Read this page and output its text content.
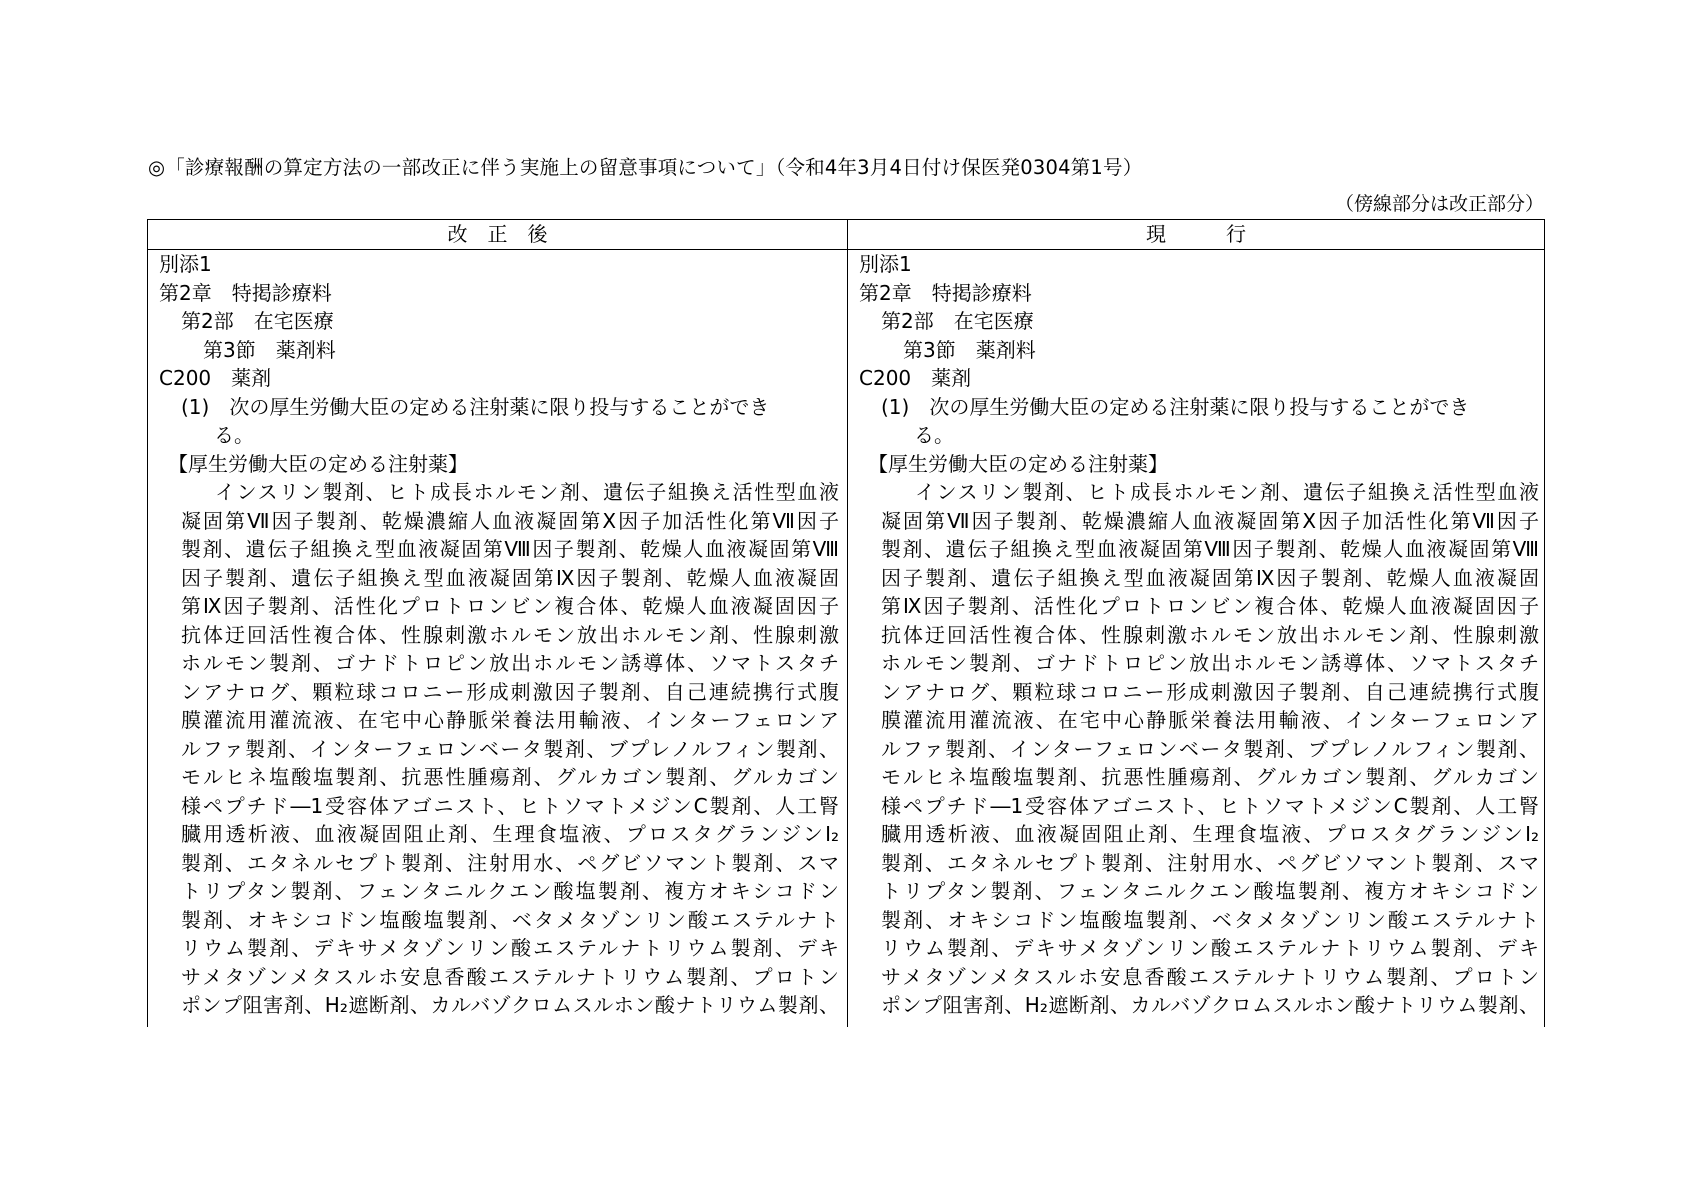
◎「診療報酬の算定方法の一部改正に伴う実施上の留意事項について」（令和4年3月4日付け保医発0304第1号）
（傍線部分は改正部分）
改　正　後	現　　　行
別添1
第2章　特掲診療料
第2部　在宅医療
第3節　薬剤料
C200　薬剤
(1)　次の厚生労働大臣の定める注射薬に限り投与することができ
る。
【厚生労働大臣の定める注射薬】
インスリン製剤、ヒト成長ホルモン剤、遺伝子組換え活性型血液
凝固第Ⅶ因子製剤、乾燥濃縮人血液凝固第Ⅹ因子加活性化第Ⅶ因子
製剤、遺伝子組換え型血液凝固第Ⅷ因子製剤、乾燥人血液凝固第Ⅷ
因子製剤、遺伝子組換え型血液凝固第Ⅸ因子製剤、乾燥人血液凝固
第Ⅸ因子製剤、活性化プロトロンビン複合体、乾燥人血液凝固因子
抗体迂回活性複合体、性腺刺激ホルモン放出ホルモン剤、性腺刺激
ホルモン製剤、ゴナドトロピン放出ホルモン誘導体、ソマトスタチ
ンアナログ、顆粒球コロニー形成刺激因子製剤、自己連続携行式腹
膜灌流用灌流液、在宅中心静脈栄養法用輸液、インターフェロンア
ルファ製剤、インターフェロンベータ製剤、ブプレノルフィン製剤、
モルヒネ塩酸塩製剤、抗悪性腫瘍剤、グルカゴン製剤、グルカゴン
様ペプチド―1受容体アゴニスト、ヒトソマトメジンC製剤、人工腎
臓用透析液、血液凝固阻止剤、生理食塩液、プロスタグランジンI₂
製剤、エタネルセプト製剤、注射用水、ペグビソマント製剤、スマ
トリプタン製剤、フェンタニルクエン酸塩製剤、複方オキシコドン
製剤、オキシコドン塩酸塩製剤、ベタメタゾンリン酸エステルナト
リウム製剤、デキサメタゾンリン酸エステルナトリウム製剤、デキ
サメタゾンメタスルホ安息香酸エステルナトリウム製剤、プロトン
ポンプ阻害剤、H₂遮断剤、カルバゾクロムスルホン酸ナトリウム製剤、
別添1
第2章　特掲診療料
第2部　在宅医療
第3節　薬剤料
C200　薬剤
(1)　次の厚生労働大臣の定める注射薬に限り投与することができ
る。
【厚生労働大臣の定める注射薬】
インスリン製剤、ヒト成長ホルモン剤、遺伝子組換え活性型血液
凝固第Ⅶ因子製剤、乾燥濃縮人血液凝固第Ⅹ因子加活性化第Ⅶ因子
製剤、遺伝子組換え型血液凝固第Ⅷ因子製剤、乾燥人血液凝固第Ⅷ
因子製剤、遺伝子組換え型血液凝固第Ⅸ因子製剤、乾燥人血液凝固
第Ⅸ因子製剤、活性化プロトロンビン複合体、乾燥人血液凝固因子
抗体迂回活性複合体、性腺刺激ホルモン放出ホルモン剤、性腺刺激
ホルモン製剤、ゴナドトロピン放出ホルモン誘導体、ソマトスタチ
ンアナログ、顆粒球コロニー形成刺激因子製剤、自己連続携行式腹
膜灌流用灌流液、在宅中心静脈栄養法用輸液、インターフェロンア
ルファ製剤、インターフェロンベータ製剤、ブプレノルフィン製剤、
モルヒネ塩酸塩製剤、抗悪性腫瘍剤、グルカゴン製剤、グルカゴン
様ペプチド―1受容体アゴニスト、ヒトソマトメジンC製剤、人工腎
臓用透析液、血液凝固阻止剤、生理食塩液、プロスタグランジンI₂
製剤、エタネルセプト製剤、注射用水、ペグビソマント製剤、スマ
トリプタン製剤、フェンタニルクエン酸塩製剤、複方オキシコドン
製剤、オキシコドン塩酸塩製剤、ベタメタゾンリン酸エステルナト
リウム製剤、デキサメタゾンリン酸エステルナトリウム製剤、デキ
サメタゾンメタスルホ安息香酸エステルナトリウム製剤、プロトン
ポンプ阻害剤、H₂遮断剤、カルバゾクロムスルホン酸ナトリウム製剤、
